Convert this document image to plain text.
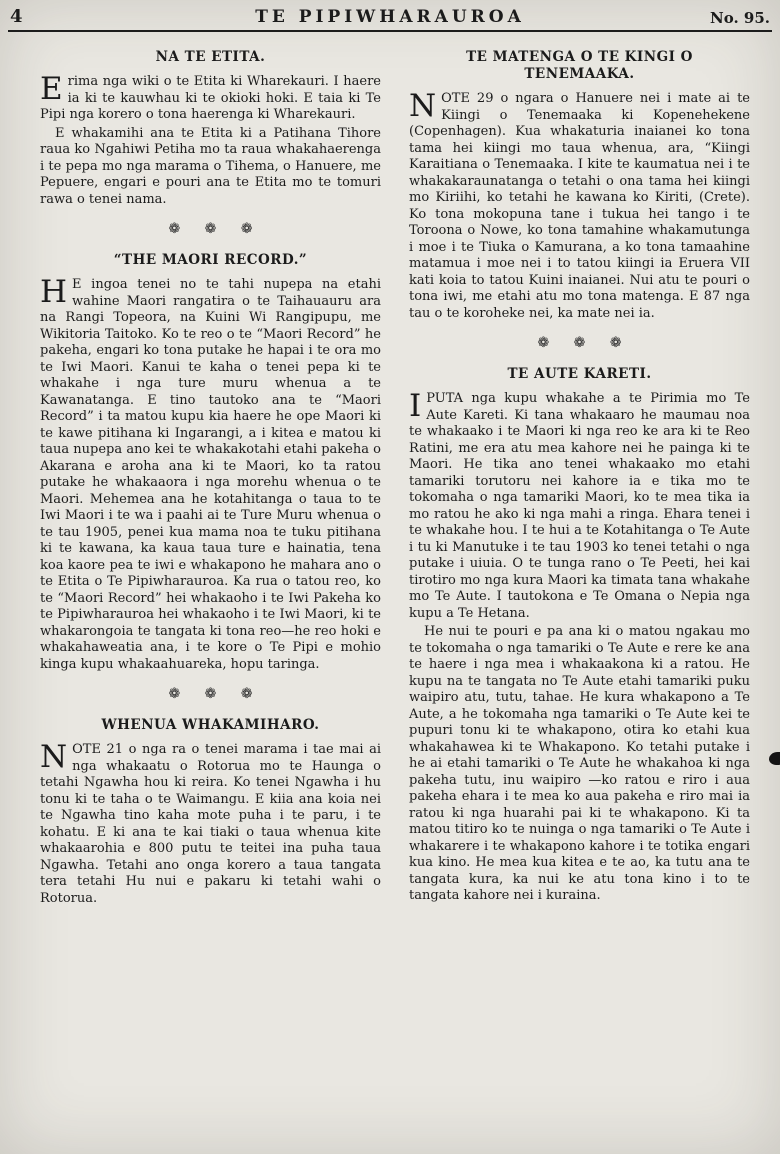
4	TE PIPIWHARAUROA	No. 95.
NA TE ETITA.

E rima nga wiki o te Etita ki Wharekauri. I haere ia ki te kauwhau ki te okioki hoki. E taia ki Te Pipi nga korero o tona haerenga ki Wharekauri.

E whakamihi ana te Etita ki a Patihana Tihore raua ko Ngahiwi Petiha mo ta raua whakahaerenga i te pepa mo nga marama o Tihema, o Hanuere, me Pepuere, engari e pouri ana te Etita mo te tomuri rawa o tenei nama.

❁ ❁ ❁
“THE MAORI RECORD.”

H E ingoa tenei no te tahi nupepa na etahi wahine Maori rangatira o te Taihauauru ara na Rangi Topeora, na Kuini Wi Rangipupu, me Wikitoria Taitoko. Ko te reo o te “Maori Record” he pakeha, engari ko tona putake he hapai i te ora mo te Iwi Maori. Kanui te kaha o tenei pepa ki te whakahe i nga ture muru whenua a te Kawanatanga. E tino tautoko ana te “Maori Record” i ta matou kupu kia haere he ope Maori ki te kawe pitihana ki Ingarangi, a i kitea e matou ki taua nupepa ano kei te whakakotahi etahi pakeha o Akarana e aroha ana ki te Maori, ko ta ratou putake he whakaaora i nga morehu whenua o te Maori. Mehemea ana he kotahitanga o taua to te Iwi Maori i te wa i paahi ai te Ture Muru whenua o te tau 1905, penei kua mama noa te tuku pitihana ki te kawana, ka kaua taua ture e hainatia, tena koa kaore pea te iwi e whakapono he mahara ano o te Etita o Te Pipiwharauroa. Ka rua o tatou reo, ko te “Maori Record” hei whakaoho i te Iwi Pakeha ko te Pipiwharauroa hei whakaoho i te Iwi Maori, ki te whakarongoia te tangata ki tona reo—he reo hoki e whakahaweatia ana, i te kore o Te Pipi e mohio kinga kupu whakaahuareka, hopu taringa.

❁ ❁ ❁
WHENUA WHAKAMIHARO.

N OTE 21 o nga ra o tenei marama i tae mai ai nga whakaatu o Rotorua mo te Haunga o tetahi Ngawha hou ki reira. Ko tenei Ngawha i hu tonu ki te taha o te Waimangu. E kiia ana koia nei te Ngawha tino kaha mote puha i te paru, i te kohatu. E ki ana te kai tiaki o taua whenua kite whakaarohia e 800 putu te teitei ina puha taua Ngawha. Tetahi ano onga korero a taua tangata tera tetahi Hu nui e pakaru ki tetahi wahi o Rotorua.

TE MATENGA O TE KINGI O TENEMAAKA.

N OTE 29 o ngara o Hanuere nei i mate ai te Kiingi o Tenemaaka ki Kopenehekene (Copenhagen). Kua whakaturia inaianei ko tona tama hei kiingi mo taua whenua, ara, “Kiingi Karaitiana o Tenemaaka. I kite te kaumatua nei i te whakakaraunatanga o tetahi o ona tama hei kiingi mo Kiriihi, ko tetahi he kawana ko Kiriti, (Crete). Ko tona mokopuna tane i tukua hei tango i te Toroona o Nowe, ko tona tamahine whakamutunga i moe i te Tiuka o Kamurana, a ko tona tamaahine matamua i moe nei i to tatou kiingi ia Eruera VII kati koia to tatou Kuini inaianei. Nui atu te pouri o tona iwi, me etahi atu mo tona matenga. E 87 nga tau o te koroheke nei, ka mate nei ia.

❁ ❁ ❁
TE AUTE KARETI.

I PUTA nga kupu whakahe a te Pirimia mo Te Aute Kareti. Ki tana whakaaro he maumau noa te whakaako i te Maori ki nga reo ke ara ki te Reo Ratini, me era atu mea kahore nei he painga ki te Maori. He tika ano tenei whakaako mo etahi tamariki torutoru nei kahore ia e tika mo te tokomaha o nga tamariki Maori, ko te mea tika ia mo ratou he ako ki nga mahi a ringa. Ehara tenei i te whakahe hou. I te hui a te Kotahitanga o Te Aute i tu ki Manutuke i te tau 1903 ko tenei tetahi o nga putake i uiuia. O te tunga rano o Te Peeti, hei kai tirotiro mo nga kura Maori ka timata tana whakahe mo Te Aute. I tautokona e Te Omana o Nepia nga kupu a Te Hetana.

He nui te pouri e pa ana ki o matou ngakau mo te tokomaha o nga tamariki o Te Aute e rere ke ana te haere i nga mea i whakaakona ki a ratou. He kupu na te tangata no Te Aute etahi tamariki puku waipiro atu, tutu, tahae. He kura whakapono a Te Aute, a he tokomaha nga tamariki o Te Aute kei te pupuri tonu ki te whakapono, otira ko etahi kua whakahawea ki te Whakapono. Ko tetahi putake i he ai etahi tamariki o Te Aute he whakahoa ki nga pakeha tutu, inu waipiro —ko ratou e riro i aua pakeha ehara i te mea ko aua pakeha e riro mai ia ratou ki nga huarahi pai ki te whakapono. Ki ta matou titiro ko te nuinga o nga tamariki o Te Aute i whakarere i te whakapono kahore i te totika engari kua kino. He mea kua kitea e te ao, ka tutu ana te tangata kura, ka nui ke atu tona kino i to te tangata kahore nei i kuraina.
